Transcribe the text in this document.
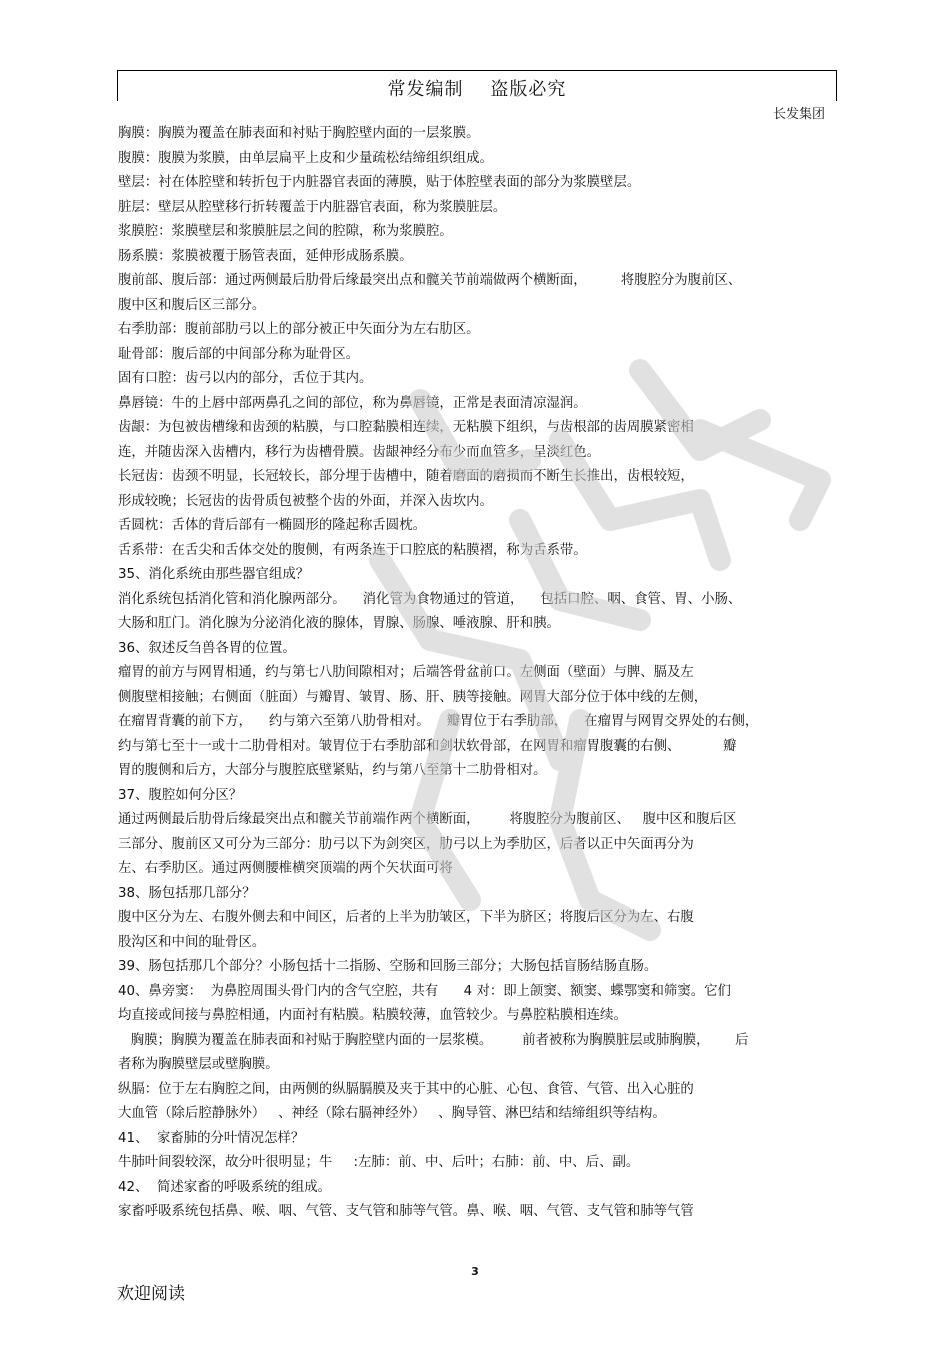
常发编制    盗版必究
长发集团
胸膜：胸膜为覆盖在肺表面和衬贴于胸腔壁内面的一层浆膜。
腹膜：腹膜为浆膜，由单层扁平上皮和少量疏松结缔组织组成。
壁层：衬在体腔壁和转折包于内脏器官表面的薄膜，贴于体腔壁表面的部分为浆膜壁层。
脏层：壁层从腔壁移行折转覆盖于内脏器官表面，称为浆膜脏层。
浆膜腔：浆膜壁层和浆膜脏层之间的腔隙，称为浆膜腔。
肠系膜：浆膜被覆于肠管表面，延伸形成肠系膜。
腹前部、腹后部：通过两侧最后肋骨后缘最突出点和髋关节前端做两个横断面，        将腹腔分为腹前区、
腹中区和腹后区三部分。
右季肋部：腹前部肋弓以上的部分被正中矢面分为左右肋区。
耻骨部：腹后部的中间部分称为耻骨区。
固有口腔：齿弓以内的部分，舌位于其内。
鼻唇镜：牛的上唇中部两鼻孔之间的部位，称为鼻唇镜，正常是表面清凉湿润。
齿龈：为包被齿槽缘和齿颈的粘膜，与口腔黏膜相连续，无粘膜下组织，与齿根部的齿周膜紧密相
连，并随齿深入齿槽内，移行为齿槽骨膜。齿龈神经分布少而血管多，呈淡红色。
长冠齿：齿颈不明显，长冠较长，部分埋于齿槽中，随着磨面的磨损而不断生长推出，齿根较短，
形成较晚；长冠齿的齿骨质包被整个齿的外面，并深入齿坎内。
舌圆枕：舌体的背后部有一椭圆形的隆起称舌圆枕。
舌系带：在舌尖和舌体交处的腹侧，有两条连于口腔底的粘膜褶，称为舌系带。
35、消化系统由那些器官组成？
消化系统包括消化管和消化腺两部分。    消化管为食物通过的管道，    包括口腔、咽、食管、胃、小肠、
大肠和肛门。消化腺为分泌消化液的腺体，胃腺、肠腺、唾液腺、肝和胰。
36、叙述反刍兽各胃的位置。
瘤胃的前方与网胃相通，约与第七八肋间隙相对；后端答骨盆前口。左侧面（壁面）与脾、膈及左
侧腹壁相接触；右侧面（脏面）与瓣胃、皱胃、肠、肝、胰等接触。网胃大部分位于体中线的左侧，
在瘤胃背囊的前下方，    约与第六至第八肋骨相对。    瓣胃位于右季肋部，    在瘤胃与网胃交界处的右侧，
约与第七至十一或十二肋骨相对。皱胃位于右季肋部和剑状软骨部，在网胃和瘤胃腹囊的右侧、          瓣
胃的腹侧和后方，大部分与腹腔底壁紧贴，约与第八至第十二肋骨相对。
37、腹腔如何分区？
通过两侧最后肋骨后缘最突出点和髋关节前端作两个横断面，       将腹腔分为腹前区、   腹中区和腹后区
三部分、腹前区又可分为三部分：肋弓以下为剑突区，肋弓以上为季肋区，后者以正中矢面再分为
左、右季肋区。通过两侧腰椎横突顶端的两个矢状面可将
38、肠包括那几部分？
腹中区分为左、右腹外侧去和中间区，后者的上半为肋皱区，下半为脐区；将腹后区分为左、右腹
股沟区和中间的耻骨区。
39、肠包括那几个部分？小肠包括十二指肠、空肠和回肠三部分；大肠包括盲肠结肠直肠。
40、鼻旁窦：  为鼻腔周围头骨门内的含气空腔，共有      4 对：即上颌窦、额窦、蝶鄂窦和筛窦。它们
均直接或间接与鼻腔相通，内面衬有粘膜。粘膜较薄，血管较少。与鼻腔粘膜相连续。
胸膜；胸膜为覆盖在肺表面和衬贴于胸腔壁内面的一层浆模。       前者被称为胸膜脏层或肺胸膜，      后
者称为胸膜壁层或壁胸膜。
纵膈：位于左右胸腔之间，由两侧的纵膈膈膜及夹于其中的心脏、心包、食管、气管、出入心脏的
大血管（除后腔静脉外）   、神经（除右膈神经外）   、胸导管、淋巴结和结缔组织等结构。
41、  家畜肺的分叶情况怎样？
牛肺叶间裂较深，故分叶很明显；牛     :左肺：前、中、后叶；右肺：前、中、后、副。
42、  简述家畜的呼吸系统的组成。
家畜呼吸系统包括鼻、喉、咽、气管、支气管和肺等气管。鼻、喉、咽、气管、支气管和肺等气管
3
欢迎阅读
